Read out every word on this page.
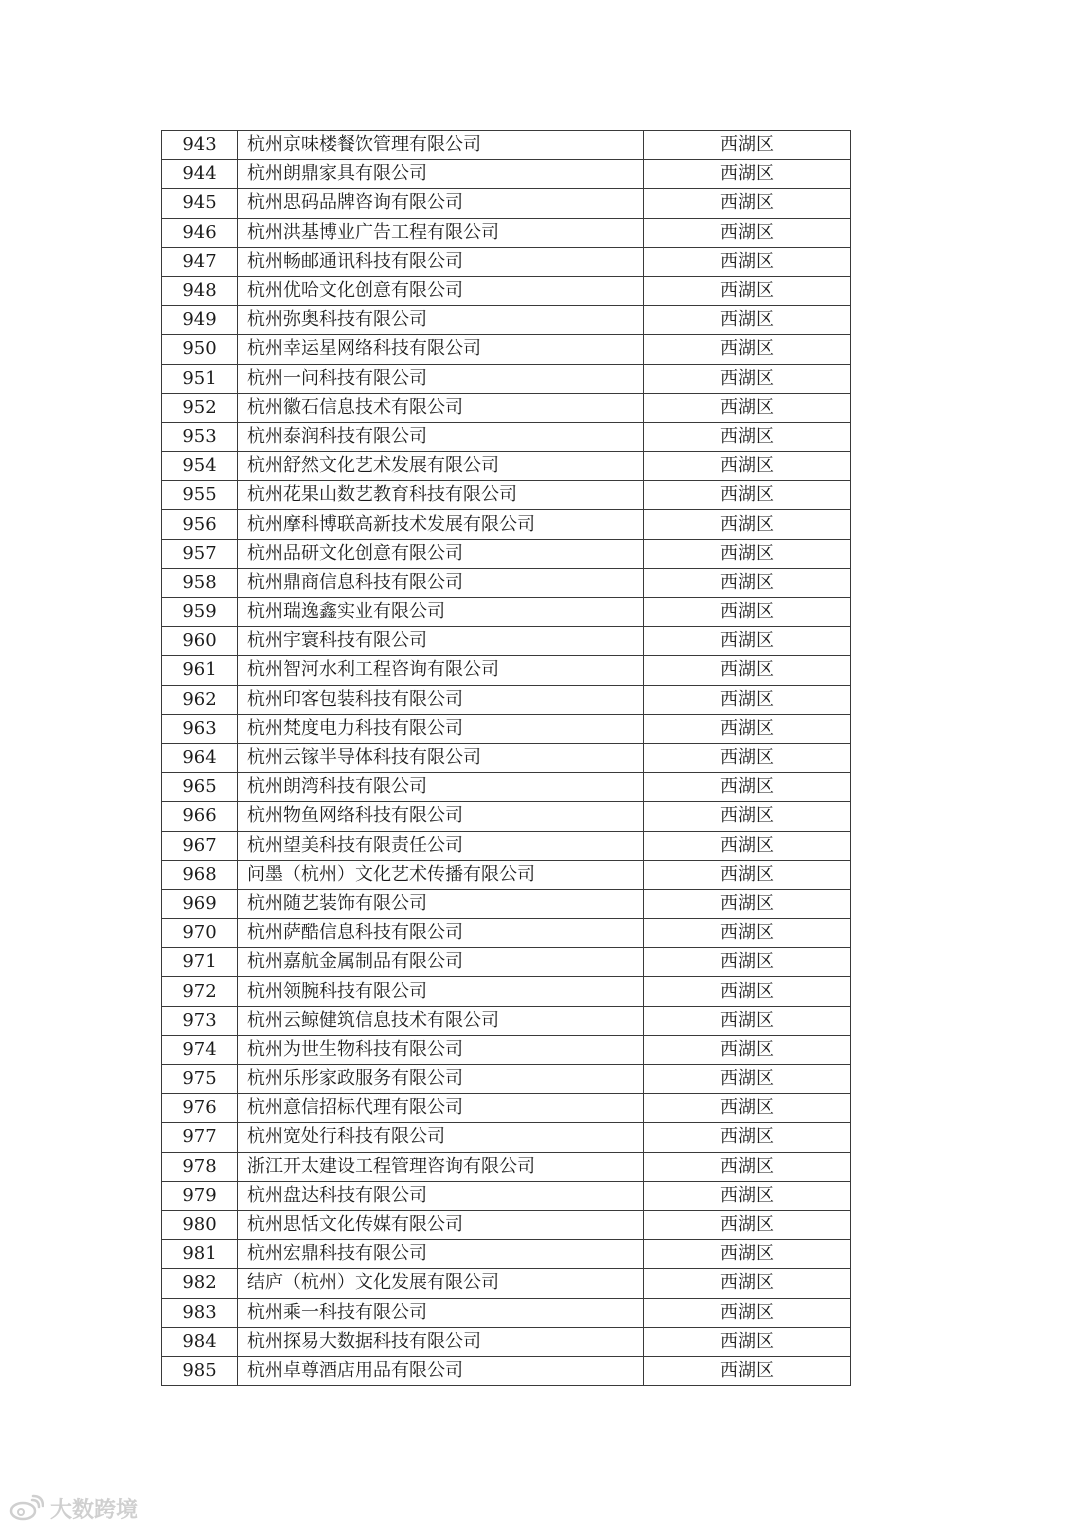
943	杭州京味楼餐饮管理有限公司	西湖区
944	杭州朗鼎家具有限公司	西湖区
945	杭州思码品牌咨询有限公司	西湖区
946	杭州洪基博业广告工程有限公司	西湖区
947	杭州畅邮通讯科技有限公司	西湖区
948	杭州优哈文化创意有限公司	西湖区
949	杭州弥奥科技有限公司	西湖区
950	杭州幸运星网络科技有限公司	西湖区
951	杭州一问科技有限公司	西湖区
952	杭州徽石信息技术有限公司	西湖区
953	杭州泰润科技有限公司	西湖区
954	杭州舒然文化艺术发展有限公司	西湖区
955	杭州花果山数艺教育科技有限公司	西湖区
956	杭州摩科博联高新技术发展有限公司	西湖区
957	杭州品研文化创意有限公司	西湖区
958	杭州鼎商信息科技有限公司	西湖区
959	杭州瑞逸鑫实业有限公司	西湖区
960	杭州宇寰科技有限公司	西湖区
961	杭州智河水利工程咨询有限公司	西湖区
962	杭州印客包装科技有限公司	西湖区
963	杭州梵度电力科技有限公司	西湖区
964	杭州云镓半导体科技有限公司	西湖区
965	杭州朗湾科技有限公司	西湖区
966	杭州物鱼网络科技有限公司	西湖区
967	杭州望美科技有限责任公司	西湖区
968	问墨（杭州）文化艺术传播有限公司	西湖区
969	杭州随艺装饰有限公司	西湖区
970	杭州萨酷信息科技有限公司	西湖区
971	杭州嘉航金属制品有限公司	西湖区
972	杭州领腕科技有限公司	西湖区
973	杭州云鲸健筑信息技术有限公司	西湖区
974	杭州为世生物科技有限公司	西湖区
975	杭州乐彤家政服务有限公司	西湖区
976	杭州意信招标代理有限公司	西湖区
977	杭州宽处行科技有限公司	西湖区
978	浙江开太建设工程管理咨询有限公司	西湖区
979	杭州盘达科技有限公司	西湖区
980	杭州思恬文化传媒有限公司	西湖区
981	杭州宏鼎科技有限公司	西湖区
982	结庐（杭州）文化发展有限公司	西湖区
983	杭州乘一科技有限公司	西湖区
984	杭州探易大数据科技有限公司	西湖区
985	杭州卓尊酒店用品有限公司	西湖区
大数跨境
